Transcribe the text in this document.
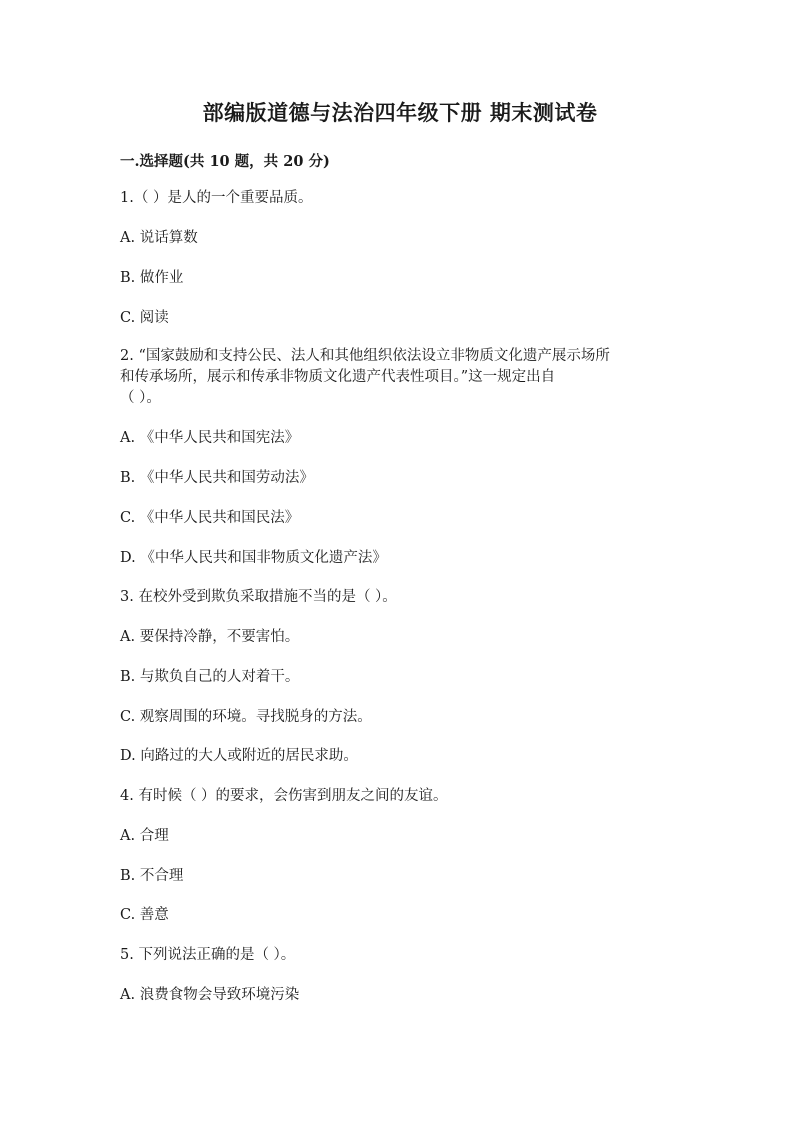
部编版道德与法治四年级下册 期末测试卷

一.选择题(共 10 题，共 20 分)

1.（ ）是人的一个重要品质。

A. 说话算数

B. 做作业

C. 阅读

2. “国家鼓励和支持公民、法人和其他组织依法设立非物质文化遗产展示场所

和传承场所，展示和传承非物质文化遗产代表性项目。”这一规定出自

（ ）。

A. 《中华人民共和国宪法》

B. 《中华人民共和国劳动法》

C. 《中华人民共和国民法》

D. 《中华人民共和国非物质文化遗产法》

3. 在校外受到欺负采取措施不当的是（ ）。

A. 要保持冷静，不要害怕。

B. 与欺负自己的人对着干。

C. 观察周围的环境。寻找脱身的方法。

D. 向路过的大人或附近的居民求助。

4. 有时候（ ）的要求，会伤害到朋友之间的友谊。

A. 合理

B. 不合理

C. 善意

5. 下列说法正确的是（ ）。

A. 浪费食物会导致环境污染
